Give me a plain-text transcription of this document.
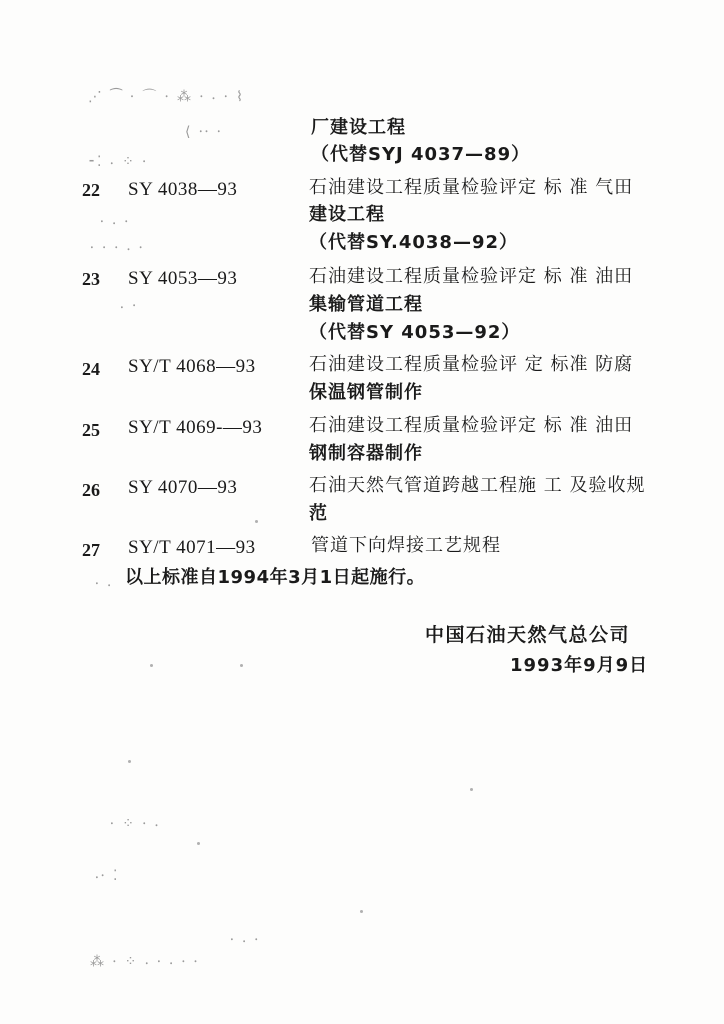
⋰ ⁀ ⸱ ⌒ ⸱ ⁂ ⸱ ⸳ ⸱ ⌇
⟨ ⸱⸱ ⸱
⁃⁚ ⸳ ⁘ ⸱
⸱ ⸳ ⸱
⸱ ⸱ ⸱ ⸳ ⸱
⸳ ⸱
⸱ ⸳
⸱ ⁘ ⸱ ⸳
⸳⸱ ⁚
⸱ ⸳ ⸱
⁂ ⸱ ⁘ ⸳ ⸱ ⸳ ⸱ ⸱
厂建设工程
（代替SYJ 4037—89）
22 SY 4038—93	石油建设工程质量检验评定 标 准 气田
建设工程
（代替SY.4038—92）
23 SY 4053—93	石油建设工程质量检验评定 标 准 油田
集输管道工程
（代替SY 4053—92）
24 SY/T 4068—93	石油建设工程质量检验评 定 标准 防腐
保温钢管制作
25 SY/T 4069-—93	石油建设工程质量检验评定 标 准 油田
钢制容器制作
26 SY 4070—93	石油天然气管道跨越工程施 工 及验收规
范
27 SY/T 4071—93	管道下向焊接工艺规程
以上标准自1994年3月1日起施行。
中国石油天然气总公司
1993年9月9日
